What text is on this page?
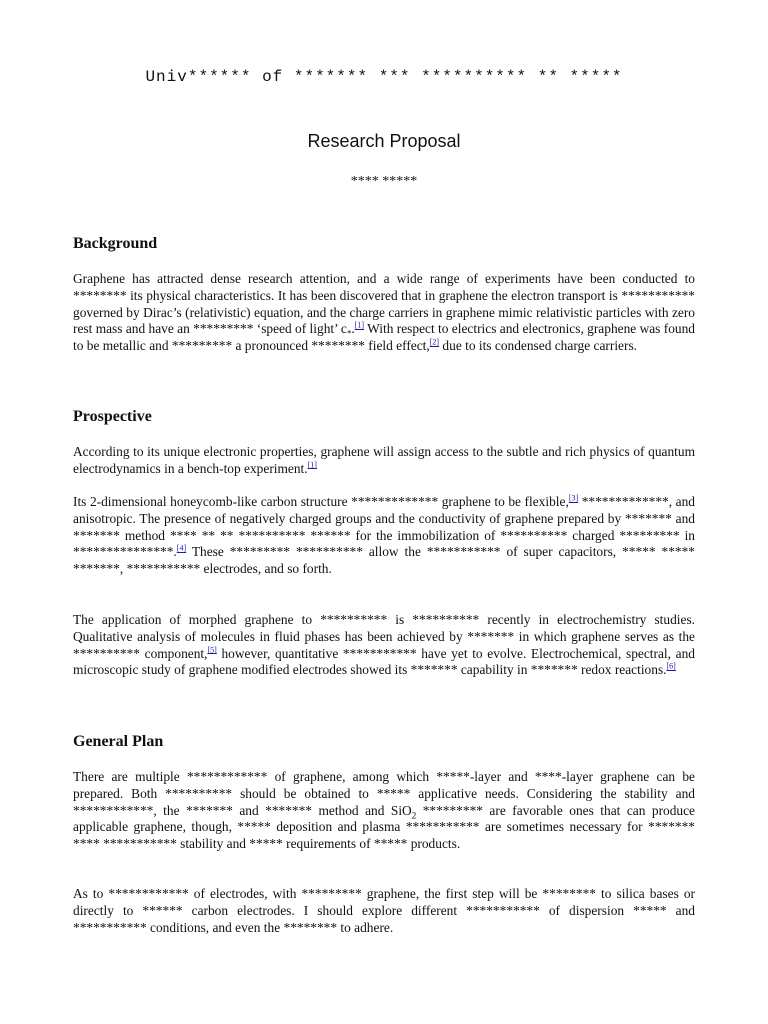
Univ****** of ******* *** ********** ** *****
Research Proposal
**** *****
Background

Graphene has attracted dense research attention, and a wide range of experiments have been conducted to ******** its physical characteristics. It has been discovered that in graphene the electron transport is *********** governed by Dirac’s (relativistic) equation, and the charge carriers in graphene mimic relativistic particles with zero rest mass and have an ********* ‘speed of light’ $c_*.[1]$ With respect to electrics and electronics, graphene was found to be metallic and ********* a pronounced ******** field effect,[2] due to its condensed charge carriers.

Prospective

According to its unique electronic properties, graphene will assign access to the subtle and rich physics of quantum electrodynamics in a bench-top experiment.[1]

Its 2-dimensional honeycomb-like carbon structure ************* graphene to be flexible,[3] *************, and anisotropic. The presence of negatively charged groups and the conductivity of graphene prepared by ******* and ******* method **** ** ** ********** ****** for the immobilization of ********** charged ********* in ***************.[4] These ********* ********** allow the *********** of super capacitors, ***** ***** *******, *********** electrodes, and so forth.

The application of morphed graphene to ********** is ********** recently in electrochemistry studies. Qualitative analysis of molecules in fluid phases has been achieved by ******* in which graphene serves as the ********** component,[5] however, quantitative *********** have yet to evolve. Electrochemical, spectral, and microscopic study of graphene modified electrodes showed its ******* capability in ******* redox reactions.[6]

General Plan

There are multiple ************ of graphene, among which *****-layer and ****-layer graphene can be prepared. Both ********** should be obtained to ***** applicative needs. Considering the stability and ************, the ******* and ******* method and SiO$_2$ ********* are favorable ones that can produce applicable graphene, though, ***** deposition and plasma *********** are sometimes necessary for ******* **** *********** stability and ***** requirements of ***** products.

As to ************ of electrodes, with ********* graphene, the first step will be ******** to silica bases or directly to ****** carbon electrodes. I should explore different *********** of dispersion ***** and *********** conditions, and even the ******** to adhere.
